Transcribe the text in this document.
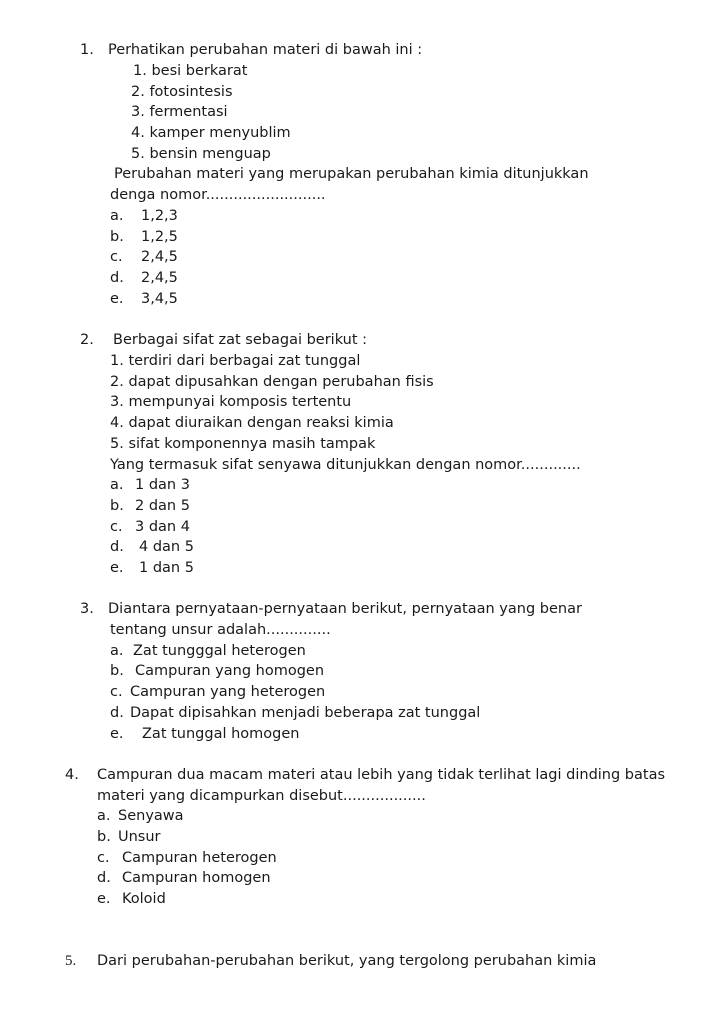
1. Perhatikan perubahan materi di bawah ini :
1. besi berkarat
2. fotosintesis
3. fermentasi
4. kamper menyublim
5. bensin menguap
Perubahan materi yang merupakan perubahan kimia ditunjukkan
denga nomor..........................
a. 1,2,3
b. 1,2,5
c. 2,4,5
d. 2,4,5
e. 3,4,5
2. Berbagai sifat zat sebagai berikut :
1. terdiri dari berbagai zat tunggal
2. dapat dipusahkan dengan perubahan fisis
3. mempunyai komposis tertentu
4. dapat diuraikan dengan reaksi kimia
5. sifat komponennya masih tampak
Yang termasuk sifat senyawa ditunjukkan dengan nomor.............
a. 1 dan 3
b. 2 dan 5
c. 3 dan 4
d. 4 dan 5
e. 1 dan 5
3. Diantara pernyataan-pernyataan berikut, pernyataan yang benar
tentang unsur adalah..............
a. Zat tungggal heterogen
b. Campuran yang homogen
c. Campuran yang heterogen
d. Dapat dipisahkan menjadi beberapa zat tunggal
e. Zat tunggal homogen
4. Campuran dua macam materi atau lebih yang tidak terlihat lagi dinding batas
materi yang dicampurkan disebut..................
a. Senyawa
b. Unsur
c. Campuran heterogen
d. Campuran homogen
e. Koloid
5. Dari perubahan-perubahan berikut, yang tergolong perubahan kimia
